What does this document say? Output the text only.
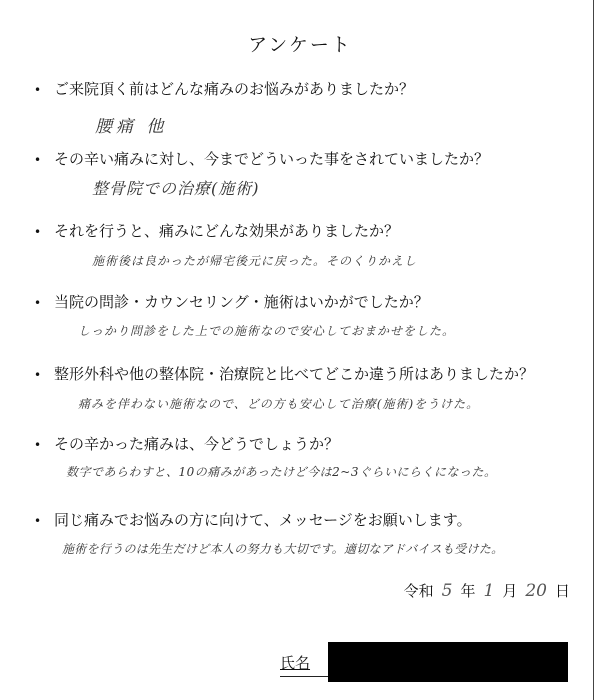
アンケート
• ご来院頂く前はどんな痛みのお悩みがありましたか？
腰痛 他
• その辛い痛みに対し、今までどういった事をされていましたか？
整骨院での治療(施術)
• それを行うと、痛みにどんな効果がありましたか？
施術後は良かったが帰宅後元に戻った。そのくりかえし
• 当院の問診・カウンセリング・施術はいかがでしたか？
しっかり問診をした上での施術なので安心しておまかせをした。
• 整形外科や他の整体院・治療院と比べてどこか違う所はありましたか？
痛みを伴わない施術なので、どの方も安心して治療(施術)をうけた。
• その辛かった痛みは、今どうでしょうか？
数字であらわすと、10の痛みがあったけど今は2~3ぐらいにらくになった。
• 同じ痛みでお悩みの方に向けて、メッセージをお願いします。
施術を行うのは先生だけど本人の努力も大切です。適切なアドバイスも受けた。
令和 5 年 1 月 20 日
氏名
